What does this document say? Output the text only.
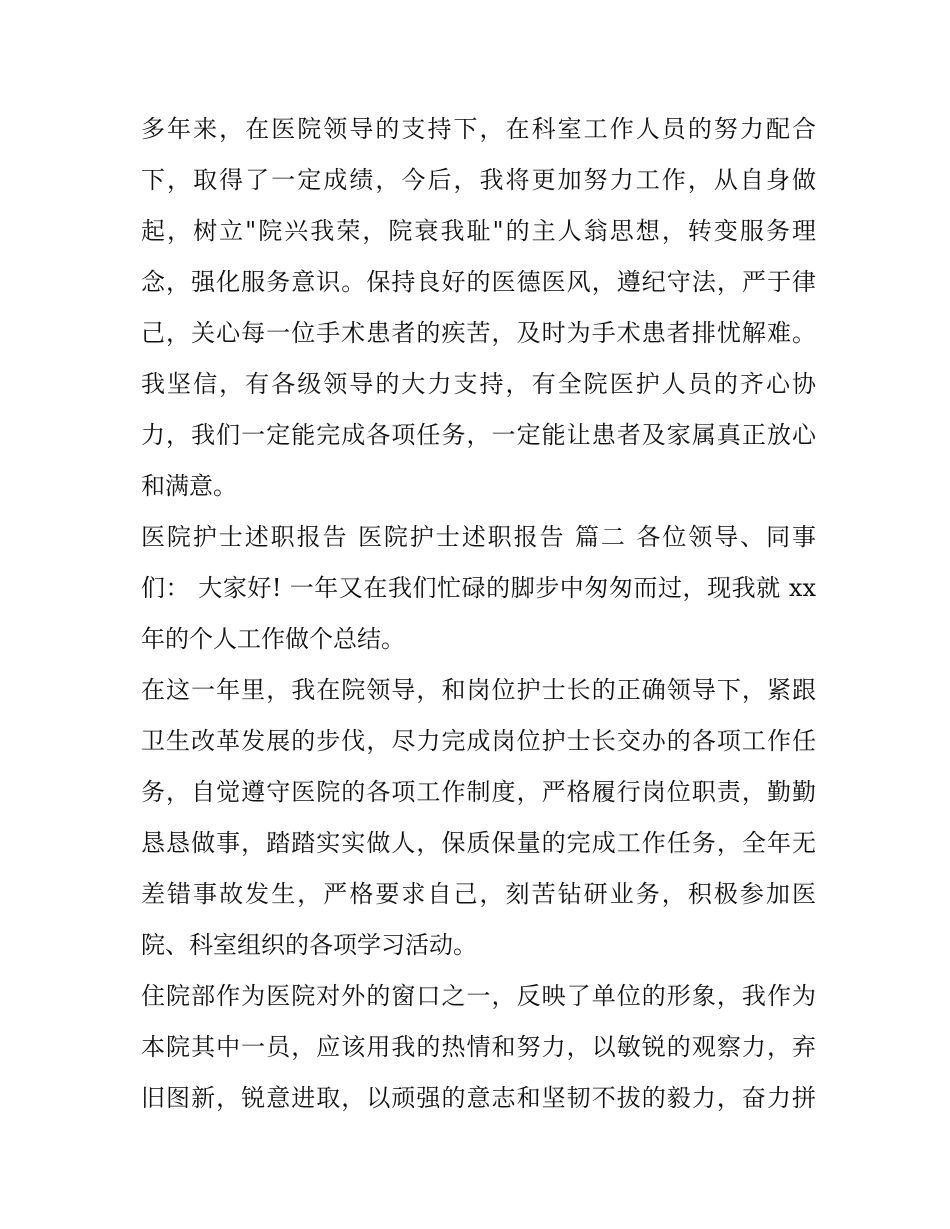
多年来，在医院领导的支持下，在科室工作人员的努力配合
下，取得了一定成绩，今后，我将更加努力工作，从自身做
起，树立"院兴我荣，院衰我耻"的主人翁思想，转变服务理
念，强化服务意识。保持良好的医德医风，遵纪守法，严于律
己，关心每一位手术患者的疾苦，及时为手术患者排忧解难。
我坚信，有各级领导的大力支持，有全院医护人员的齐心协
力，我们一定能完成各项任务，一定能让患者及家属真正放心
和满意。
医院护士述职报告 医院护士述职报告 篇二 各位领导、同事
们： 大家好! 一年又在我们忙碌的脚步中匆匆而过，现我就 xx
年的个人工作做个总结。
在这一年里，我在院领导，和岗位护士长的正确领导下，紧跟
卫生改革发展的步伐，尽力完成岗位护士长交办的各项工作任
务，自觉遵守医院的各项工作制度，严格履行岗位职责，勤勤
恳恳做事，踏踏实实做人，保质保量的完成工作任务，全年无
差错事故发生，严格要求自己，刻苦钻研业务，积极参加医
院、科室组织的各项学习活动。
住院部作为医院对外的窗口之一，反映了单位的形象，我作为
本院其中一员，应该用我的热情和努力，以敏锐的观察力，弃
旧图新，锐意进取，以顽强的意志和坚韧不拔的毅力，奋力拼
